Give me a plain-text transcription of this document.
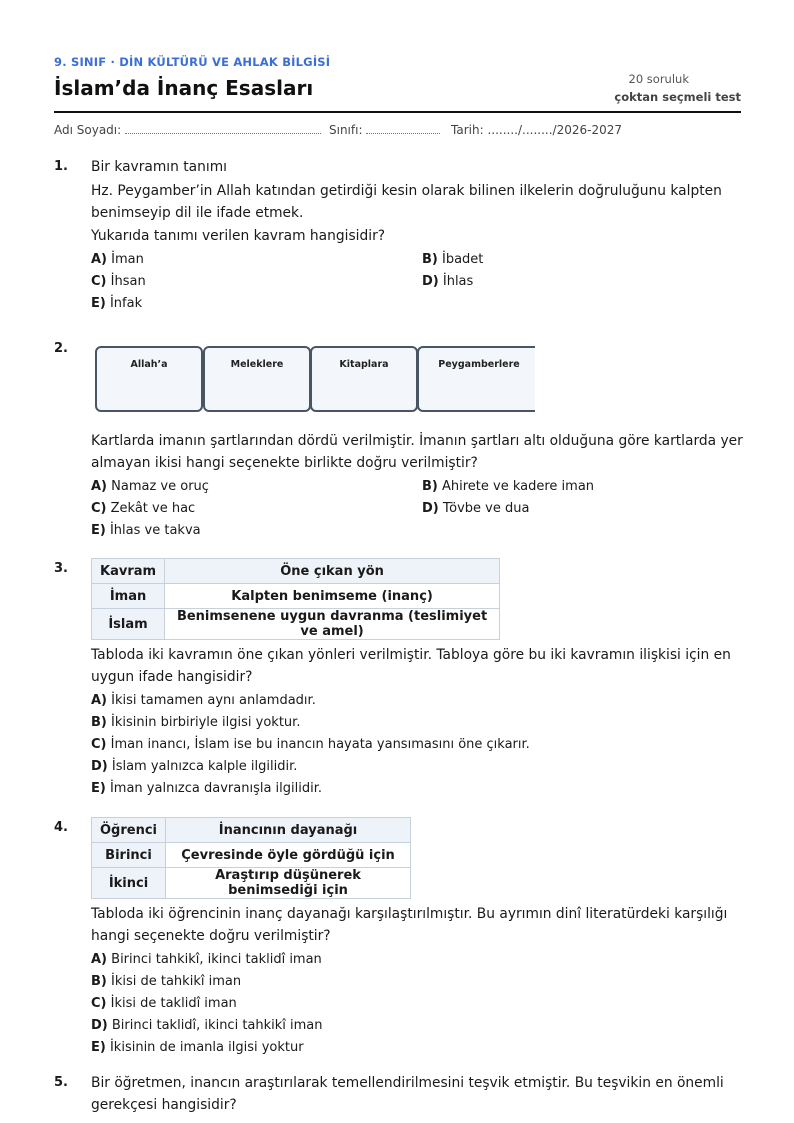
9. SINIF · DİN KÜLTÜRÜ VE AHLAK BİLGİSİ
İslam’da İnanç Esasları	20 soruluk
çoktan seçmeli test
Adı Soyadı:	Sınıfı:	Tarih: ......../......../2026-2027
1. Bir kavramın tanımı

Hz. Peygamber’in Allah katından getirdiği kesin olarak bilinen ilkelerin doğruluğunu kalpten benimseyip dil ile ifade etmek.

Yukarıda tanımı verilen kavram hangisidir?

A) İman	B) İbadet
C) İhsan	D) İhlas
E) İnfak
2.
Allah’a	Meleklere	Kitaplara	Peygamberlere

Kartlarda imanın şartlarından dördü verilmiştir. İmanın şartları altı olduğuna göre kartlarda yer almayan ikisi hangi seçenekte birlikte doğru verilmiştir?

A) Namaz ve oruç	B) Ahirete ve kadere iman
C) Zekât ve hac	D) Tövbe ve dua
E) İhlas ve takva
3. Kavram	Öne çıkan yön
İman	Kalpten benimseme (inanç)
İslam	Benimsenene uygun davranma (teslimiyet ve amel)

Tabloda iki kavramın öne çıkan yönleri verilmiştir. Tabloya göre bu iki kavramın ilişkisi için en uygun ifade hangisidir?

A) İkisi tamamen aynı anlamdadır.
B) İkisinin birbiriyle ilgisi yoktur.
C) İman inancı, İslam ise bu inancın hayata yansımasını öne çıkarır.
D) İslam yalnızca kalple ilgilidir.
E) İman yalnızca davranışla ilgilidir.
4. Öğrenci	İnancının dayanağı
Birinci	Çevresinde öyle gördüğü için
İkinci	Araştırıp düşünerek benimsediği için

Tabloda iki öğrencinin inanç dayanağı karşılaştırılmıştır. Bu ayrımın dinî literatürdeki karşılığı hangi seçenekte doğru verilmiştir?

A) Birinci tahkikî, ikinci taklidî iman
B) İkisi de tahkikî iman
C) İkisi de taklidî iman
D) Birinci taklidî, ikinci tahkikî iman
E) İkisinin de imanla ilgisi yoktur
5. Bir öğretmen, inancın araştırılarak temellendirilmesini teşvik etmiştir. Bu teşvikin en önemli gerekçesi hangisidir?
